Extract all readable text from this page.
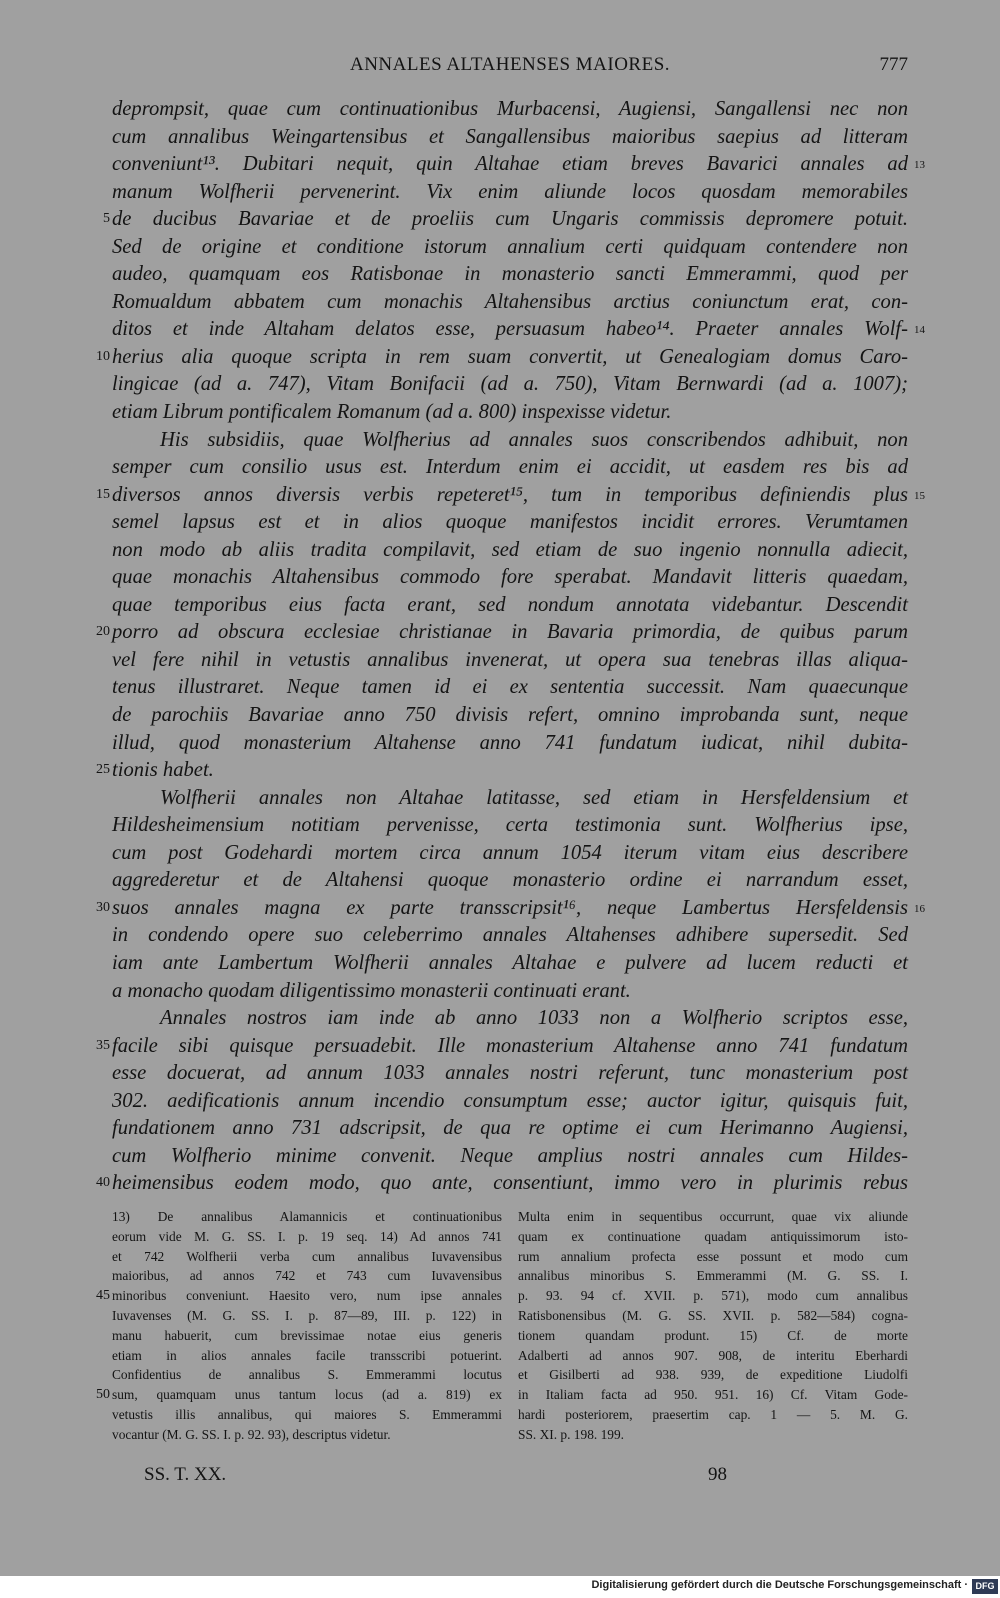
ANNALES ALTAHENSES MAIORES.	777
deprompsit, quae cum continuationibus Murbacensi, Augiensi, Sangallensi nec non
cum annalibus Weingartensibus et Sangallensibus maioribus saepius ad litteram
conveniunt¹³. Dubitari nequit, quin Altahae etiam breves Bavarici annales ad
manum Wolfherii pervenerint. Vix enim aliunde locos quosdam memorabiles
de ducibus Bavariae et de proeliis cum Ungaris commissis depromere potuit.
Sed de origine et conditione istorum annalium certi quidquam contendere non
audeo, quamquam eos Ratisbonae in monasterio sancti Emmerammi, quod per
Romualdum abbatem cum monachis Altahensibus arctius coniunctum erat, con-
ditos et inde Altaham delatos esse, persuasum habeo¹⁴. Praeter annales Wolf-
herius alia quoque scripta in rem suam convertit, ut Genealogiam domus Caro-
lingicae (ad a. 747), Vitam Bonifacii (ad a. 750), Vitam Bernwardi (ad a. 1007);
etiam Librum pontificalem Romanum (ad a. 800) inspexisse videtur.
His subsidiis, quae Wolfherius ad annales suos conscribendos adhibuit, non
semper cum consilio usus est. Interdum enim ei accidit, ut easdem res bis ad
diversos annos diversis verbis repeteret¹⁵, tum in temporibus definiendis plus
semel lapsus est et in alios quoque manifestos incidit errores. Verumtamen
non modo ab aliis tradita compilavit, sed etiam de suo ingenio nonnulla adiecit,
quae monachis Altahensibus commodo fore sperabat. Mandavit litteris quaedam,
quae temporibus eius facta erant, sed nondum annotata videbantur. Descendit
porro ad obscura ecclesiae christianae in Bavaria primordia, de quibus parum
vel fere nihil in vetustis annalibus invenerat, ut opera sua tenebras illas aliqua-
tenus illustraret. Neque tamen id ei ex sententia successit. Nam quaecunque
de parochiis Bavariae anno 750 divisis refert, omnino improbanda sunt, neque
illud, quod monasterium Altahense anno 741 fundatum iudicat, nihil dubita-
tionis habet.
Wolfherii annales non Altahae latitasse, sed etiam in Hersfeldensium et
Hildesheimensium notitiam pervenisse, certa testimonia sunt. Wolfherius ipse,
cum post Godehardi mortem circa annum 1054 iterum vitam eius describere
aggrederetur et de Altahensi quoque monasterio ordine ei narrandum esset,
suos annales magna ex parte transscripsit¹⁶, neque Lambertus Hersfeldensis
in condendo opere suo celeberrimo annales Altahenses adhibere supersedit. Sed
iam ante Lambertum Wolfherii annales Altahae e pulvere ad lucem reducti et
a monacho quodam diligentissimo monasterii continuati erant.
Annales nostros iam inde ab anno 1033 non a Wolfherio scriptos esse,
facile sibi quisque persuadebit. Ille monasterium Altahense anno 741 fundatum
esse docuerat, ad annum 1033 annales nostri referunt, tunc monasterium post
302. aedificationis annum incendio consumptum esse; auctor igitur, quisquis fuit,
fundationem anno 731 adscripsit, de qua re optime ei cum Herimanno Augiensi,
cum Wolfherio minime convenit. Neque amplius nostri annales cum Hildes-
heimensibus eodem modo, quo ante, consentiunt, immo vero in plurimis rebus
5
10
15
20
25
30
35
40
13
14
15
16
13) De annalibus Alamannicis et continuationibus
eorum vide M. G. SS. I. p. 19 seq. 14) Ad annos 741
et 742 Wolfherii verba cum annalibus Iuvavensibus
maioribus, ad annos 742 et 743 cum Iuvavensibus
minoribus conveniunt. Haesito vero, num ipse annales
Iuvavenses (M. G. SS. I. p. 87—89, III. p. 122) in
manu habuerit, cum brevissimae notae eius generis
etiam in alios annales facile transscribi potuerint.
Confidentius de annalibus S. Emmerammi locutus
sum, quamquam unus tantum locus (ad a. 819) ex
vetustis illis annalibus, qui maiores S. Emmerammi
vocantur (M. G. SS. I. p. 92. 93), descriptus videtur.
Multa enim in sequentibus occurrunt, quae vix aliunde
quam ex continuatione quadam antiquissimorum isto-
rum annalium profecta esse possunt et modo cum
annalibus minoribus S. Emmerammi (M. G. SS. I.
p. 93. 94 cf. XVII. p. 571), modo cum annalibus
Ratisbonensibus (M. G. SS. XVII. p. 582—584) cogna-
tionem quandam produnt. 15) Cf. de morte
Adalberti ad annos 907. 908, de interitu Eberhardi
et Gisilberti ad 938. 939, de expeditione Liudolfi
in Italiam facta ad 950. 951. 16) Cf. Vitam Gode-
hardi posteriorem, praesertim cap. 1 — 5. M. G.
SS. XI. p. 198. 199.
45
50
SS. T. XX.	98
Digitalisierung gefördert durch die Deutsche Forschungsgemeinschaft · DFG
